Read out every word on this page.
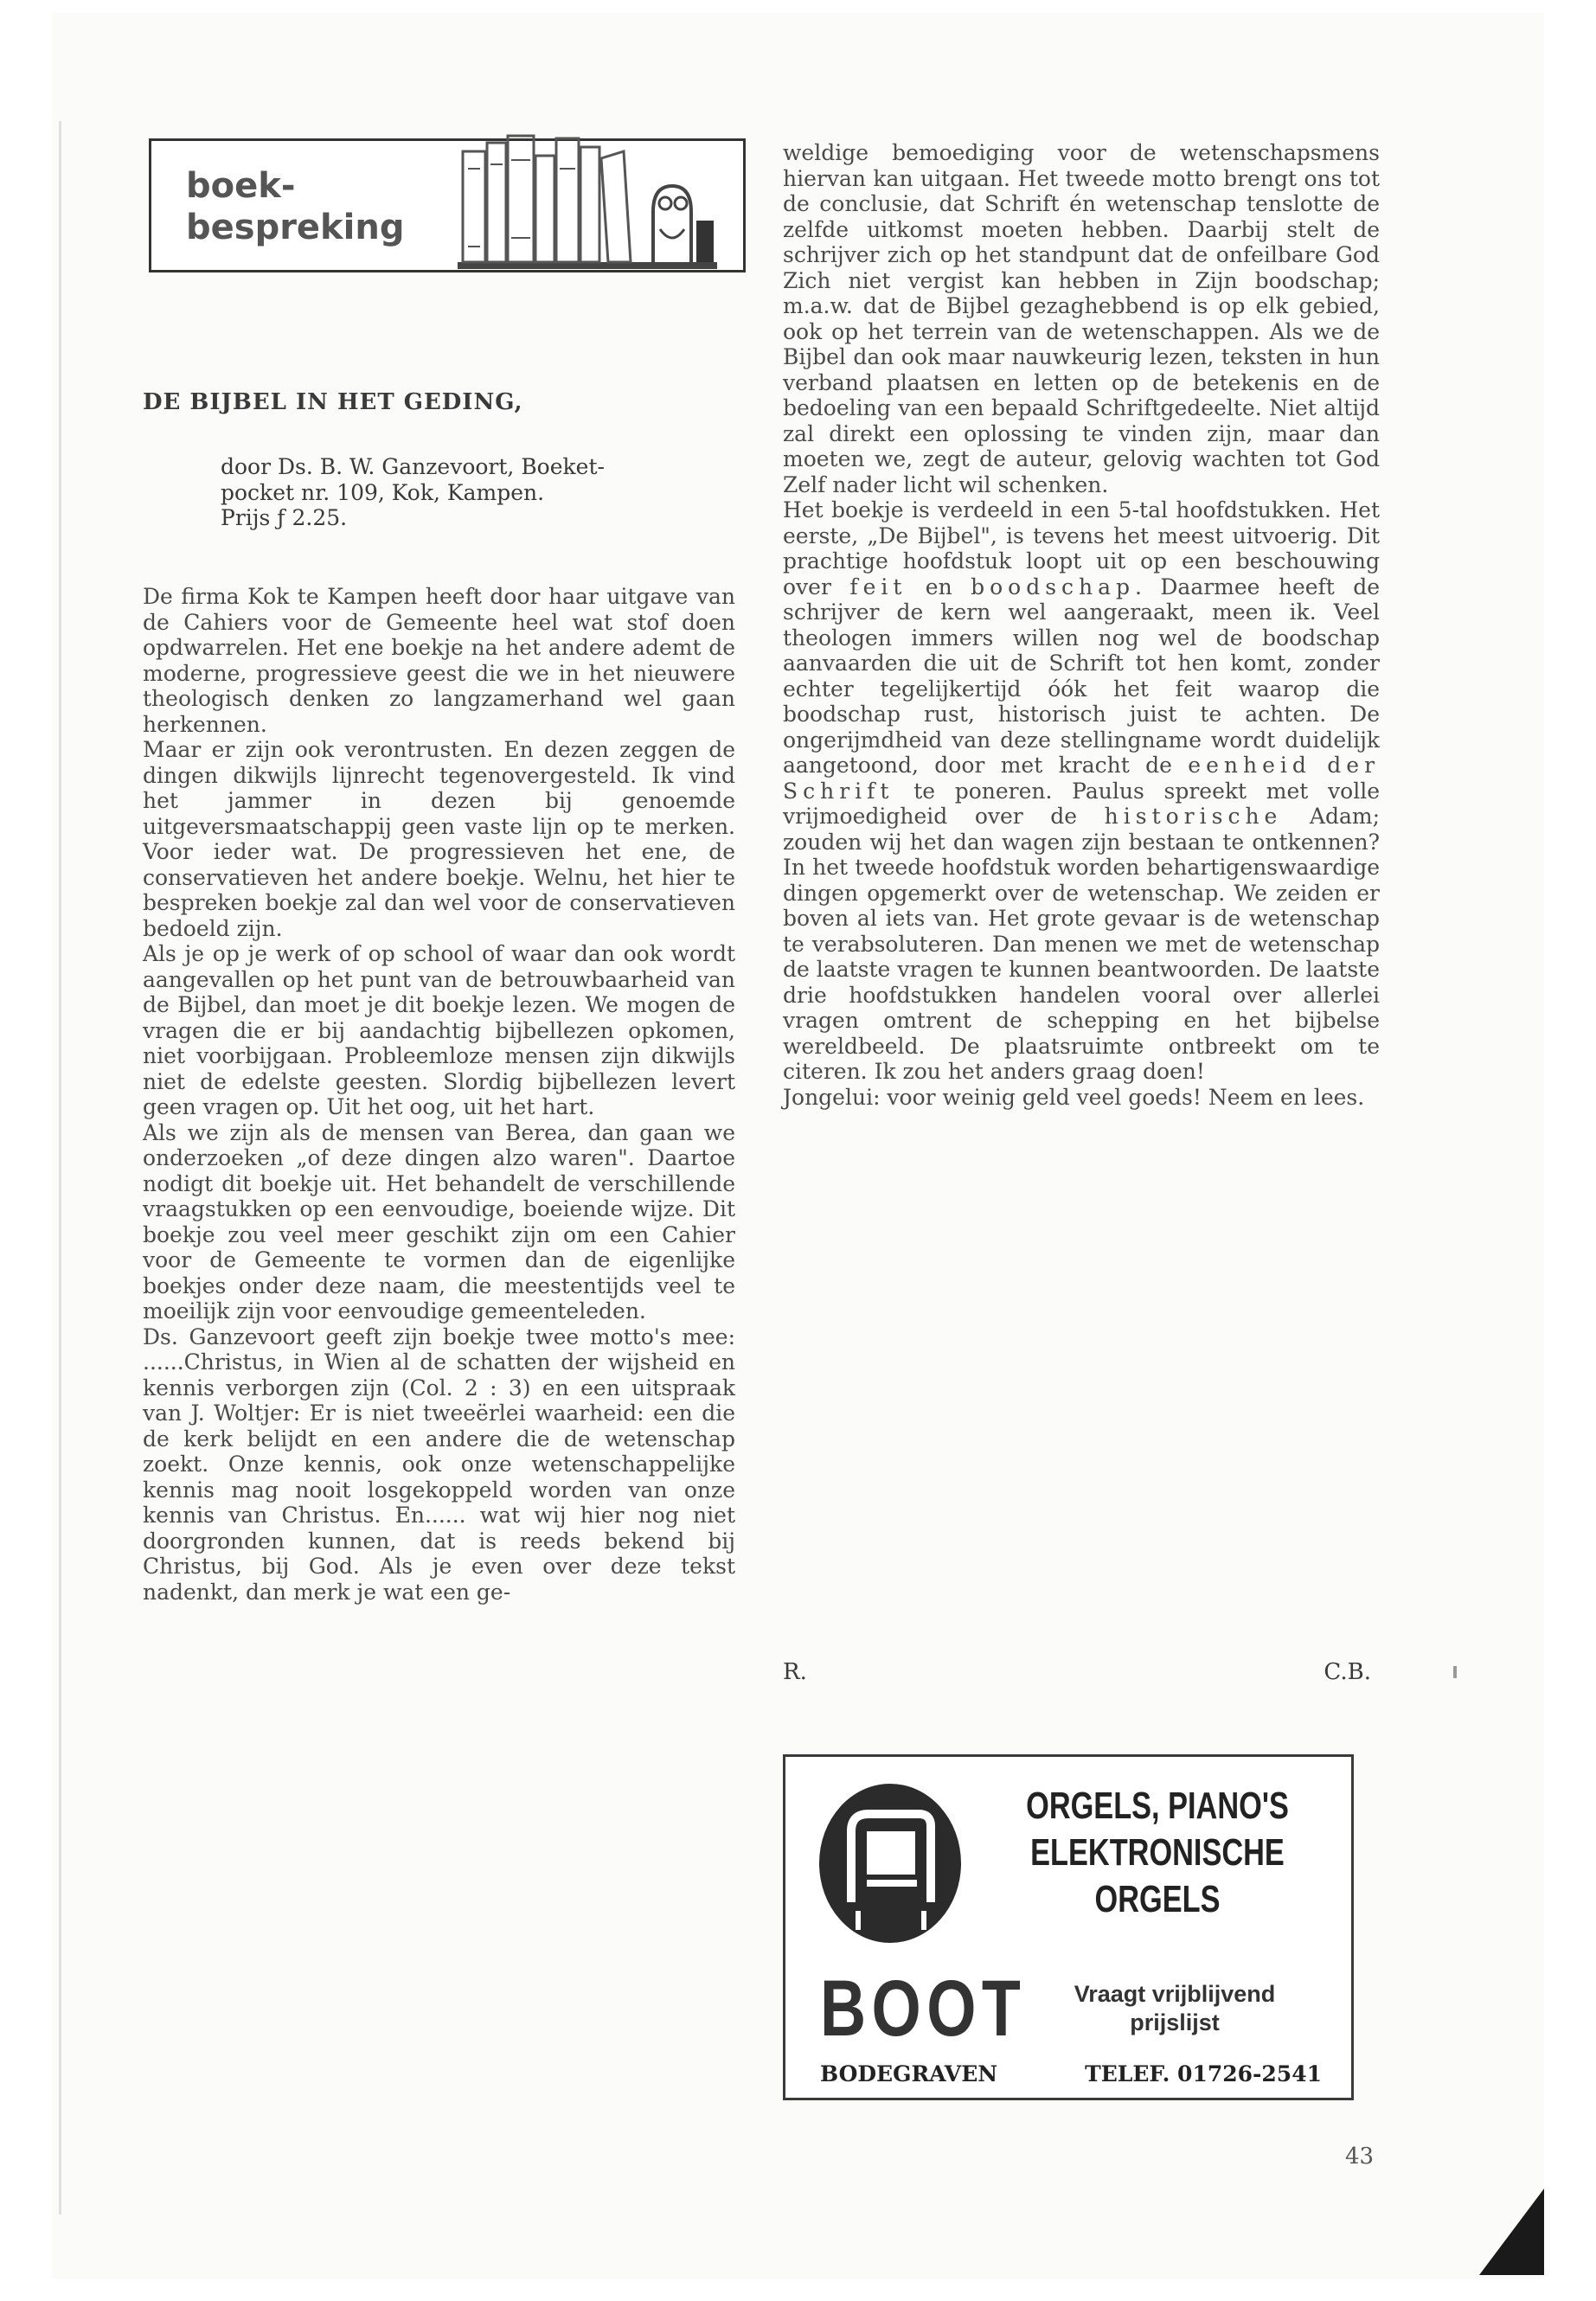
boek-
bespreking
DE BIJBEL IN HET GEDING,
door Ds. B. W. Ganzevoort, Boeket-
pocket nr. 109, Kok, Kampen.
Prijs ƒ 2.25.

De firma Kok te Kampen heeft door haar uitgave van de Cahiers voor de Gemeente heel wat stof doen opdwarrelen. Het ene boekje na het andere ademt de moderne, progressieve geest die we in het nieuwere theologisch denken zo langzamerhand wel gaan herkennen.

Maar er zijn ook verontrusten. En dezen zeggen de dingen dikwijls lijnrecht tegenovergesteld. Ik vind het jammer in dezen bij genoemde uitgeversmaatschappij geen vaste lijn op te merken. Voor ieder wat. De progressieven het ene, de conservatieven het andere boekje. Welnu, het hier te bespreken boekje zal dan wel voor de conservatieven bedoeld zijn.

Als je op je werk of op school of waar dan ook wordt aangevallen op het punt van de betrouwbaarheid van de Bijbel, dan moet je dit boekje lezen. We mogen de vragen die er bij aandachtig bijbellezen opkomen, niet voorbijgaan. Probleemloze mensen zijn dikwijls niet de edelste geesten. Slordig bijbellezen levert geen vragen op. Uit het oog, uit het hart.

Als we zijn als de mensen van Berea, dan gaan we onderzoeken „of deze dingen alzo waren". Daartoe nodigt dit boekje uit. Het behandelt de verschillende vraagstukken op een eenvoudige, boeiende wijze. Dit boekje zou veel meer geschikt zijn om een Cahier voor de Gemeente te vormen dan de eigenlijke boekjes onder deze naam, die meestentijds veel te moeilijk zijn voor eenvoudige gemeenteleden.

Ds. Ganzevoort geeft zijn boekje twee motto's mee: ......Christus, in Wien al de schatten der wijsheid en kennis verborgen zijn (Col. 2 : 3) en een uitspraak van J. Woltjer: Er is niet tweeërlei waarheid: een die de kerk belijdt en een andere die de wetenschap zoekt. Onze kennis, ook onze wetenschappelijke kennis mag nooit losgekoppeld worden van onze kennis van Christus. En...... wat wij hier nog niet doorgronden kunnen, dat is reeds bekend bij Christus, bij God. Als je even over deze tekst nadenkt, dan merk je wat een ge-

weldige bemoediging voor de wetenschapsmens hiervan kan uitgaan. Het tweede motto brengt ons tot de conclusie, dat Schrift én wetenschap tenslotte de zelfde uitkomst moeten hebben. Daarbij stelt de schrijver zich op het standpunt dat de onfeilbare God Zich niet vergist kan hebben in Zijn boodschap; m.a.w. dat de Bijbel gezaghebbend is op elk gebied, ook op het terrein van de wetenschappen. Als we de Bijbel dan ook maar nauwkeurig lezen, teksten in hun verband plaatsen en letten op de betekenis en de bedoeling van een bepaald Schriftgedeelte. Niet altijd zal direkt een oplossing te vinden zijn, maar dan moeten we, zegt de auteur, gelovig wachten tot God Zelf nader licht wil schenken.

Het boekje is verdeeld in een 5-tal hoofdstukken. Het eerste, „De Bijbel", is tevens het meest uitvoerig. Dit prachtige hoofdstuk loopt uit op een beschouwing over feit en boodschap. Daarmee heeft de schrijver de kern wel aangeraakt, meen ik. Veel theologen immers willen nog wel de boodschap aanvaarden die uit de Schrift tot hen komt, zonder echter tegelijkertijd óók het feit waarop die boodschap rust, historisch juist te achten. De ongerijmdheid van deze stellingname wordt duidelijk aangetoond, door met kracht de eenheid der Schrift te poneren. Paulus spreekt met volle vrijmoedigheid over de historische Adam; zouden wij het dan wagen zijn bestaan te ontkennen? In het tweede hoofdstuk worden behartigenswaardige dingen opgemerkt over de wetenschap. We zeiden er boven al iets van. Het grote gevaar is de wetenschap te verabsoluteren. Dan menen we met de wetenschap de laatste vragen te kunnen beantwoorden. De laatste drie hoofdstukken handelen vooral over allerlei vragen omtrent de schepping en het bijbelse wereldbeeld. De plaatsruimte ontbreekt om te citeren. Ik zou het anders graag doen!

Jongelui: voor weinig geld veel goeds! Neem en lees.

R.	C.B.
ORGELS, PIANO'S
ELEKTRONISCHE
ORGELS
BOOT	Vraagt vrijblijvend
prijslijst
BODEGRAVEN	TELEF. 01726-2541
43
